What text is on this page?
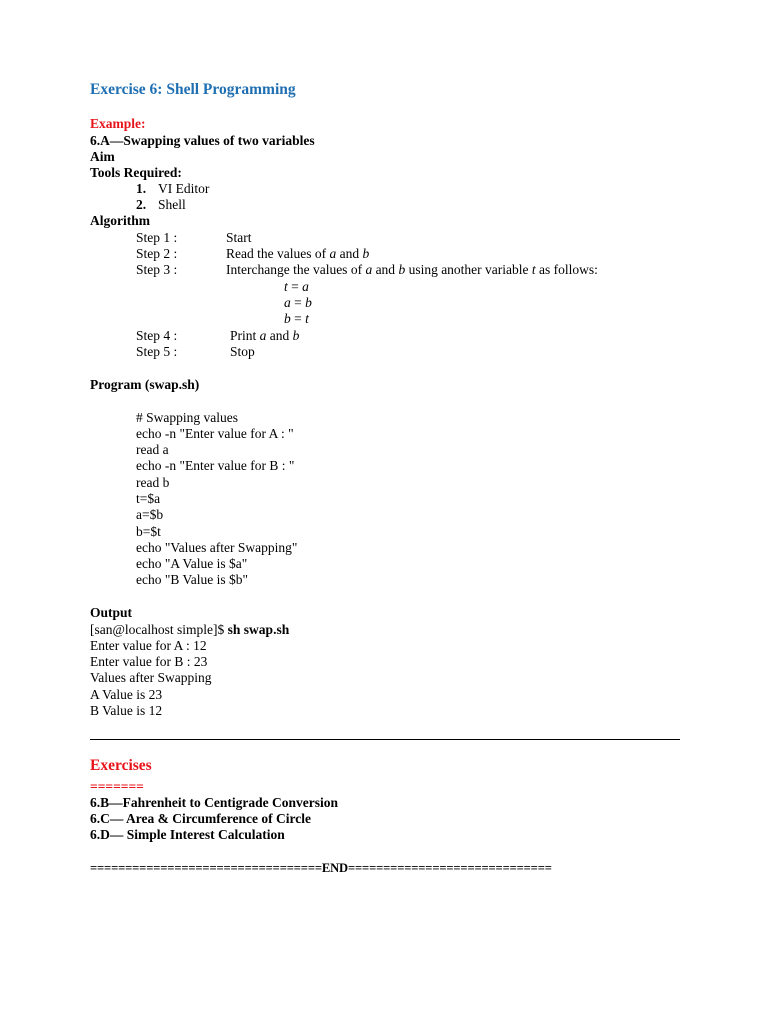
Exercise 6: Shell Programming
Example:
6.A—Swapping values of two variables
Aim
Tools Required:
1. VI Editor
2. Shell
Algorithm
Step 1 :	Start
Step 2 :	Read the values of a and b
Step 3 :	Interchange the values of a and b using another variable t as follows:
t = a
a = b
b = t
Step 4 :	Print a and b
Step 5 :	Stop
Program (swap.sh)
# Swapping values
echo -n "Enter value for A : "
read a
echo -n "Enter value for B : "
read b
t=$a
a=$b
b=$t
echo "Values after Swapping"
echo "A Value is $a"
echo "B Value is $b"
Output
[san@localhost simple]$ sh swap.sh
Enter value for A : 12
Enter value for B : 23
Values after Swapping
A Value is 23
B Value is 12
Exercises
=======
6.B—Fahrenheit to Centigrade Conversion
6.C— Area & Circumference of Circle
6.D— Simple Interest Calculation
=================================END=============================
